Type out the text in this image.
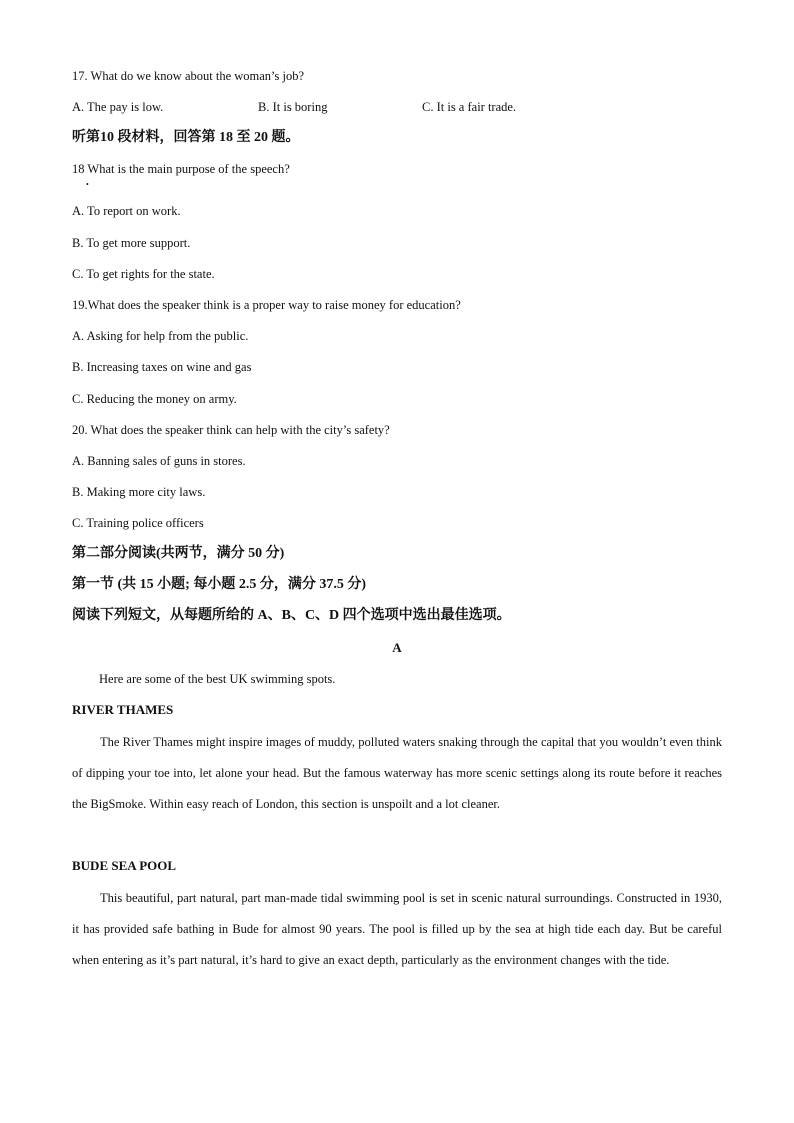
17. What do we know about the woman’s job?
A. The pay is low.	B. It is boring	C. It is a fair trade.
听第10 段材料，回答第 18 至 20 题。
18 What is the main purpose of the speech?
•
A. To report on work.
B. To get more support.
C. To get rights for the state.
19.What does the speaker think is a proper way to raise money for education?
A. Asking for help from the public.
B. Increasing taxes on wine and gas
C. Reducing the money on army.
20. What does the speaker think can help with the city’s safety?
A. Banning sales of guns in stores.
B. Making more city laws.
C. Training police officers
第二部分阅读(共两节，满分 50 分)
第一节 (共 15 小题; 每小题 2.5 分，满分 37.5 分)
阅读下列短文，从每题所给的 A、B、C、D 四个选项中选出最佳选项。
A
Here are some of the best UK swimming spots.
RIVER THAMES

The River Thames might inspire images of muddy, polluted waters snaking through the capital that you wouldn’t even think of dipping your toe into, let alone your head. But the famous waterway has more scenic settings along its route before it reaches the BigSmoke. Within easy reach of London, this section is unspoilt and a lot cleaner.

BUDE SEA POOL

This beautiful, part natural, part man-made tidal swimming pool is set in scenic natural surroundings. Constructed in 1930, it has provided safe bathing in Bude for almost 90 years. The pool is filled up by the sea at high tide each day. But be careful when entering as it’s part natural, it’s hard to give an exact depth, particularly as the environment changes with the tide.
